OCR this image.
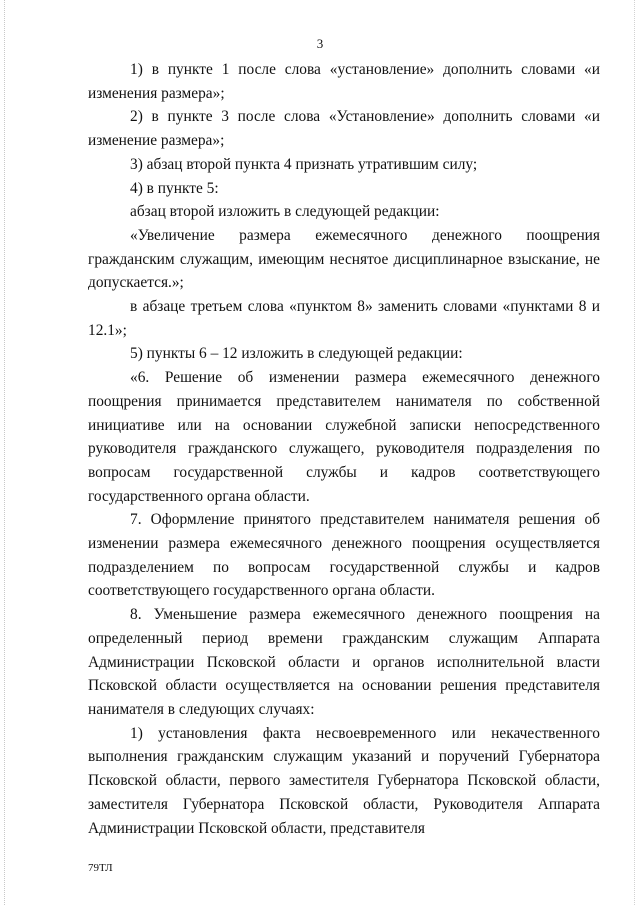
3

1) в пункте 1 после слова «установление» дополнить словами «и изменения размера»;

2) в пункте 3 после слова «Установление» дополнить словами «и изменение размера»;

3) абзац второй пункта 4 признать утратившим силу;

4) в пункте 5:

абзац второй изложить в следующей редакции:

«Увеличение размера ежемесячного денежного поощрения гражданским служащим, имеющим неснятое дисциплинарное взыскание, не допускается.»;

в абзаце третьем слова «пунктом 8» заменить словами «пунктами 8 и 12.1»;

5) пункты 6 – 12 изложить в следующей редакции:

«6. Решение об изменении размера ежемесячного денежного поощрения принимается представителем нанимателя по собственной инициативе или на основании служебной записки непосредственного руководителя гражданского служащего, руководителя подразделения по вопросам государственной службы и кадров соответствующего государственного органа области.

7. Оформление принятого представителем нанимателя решения об изменении размера ежемесячного денежного поощрения осуществляется подразделением по вопросам государственной службы и кадров соответствующего государственного органа области.

8. Уменьшение размера ежемесячного денежного поощрения на определенный период времени гражданским служащим Аппарата Администрации Псковской области и органов исполнительной власти Псковской области осуществляется на основании решения представителя нанимателя в следующих случаях:

1) установления факта несвоевременного или некачественного выполнения гражданским служащим указаний и поручений Губернатора Псковской области, первого заместителя Губернатора Псковской области, заместителя Губернатора Псковской области, Руководителя Аппарата Администрации Псковской области, представителя

79ТЛ
